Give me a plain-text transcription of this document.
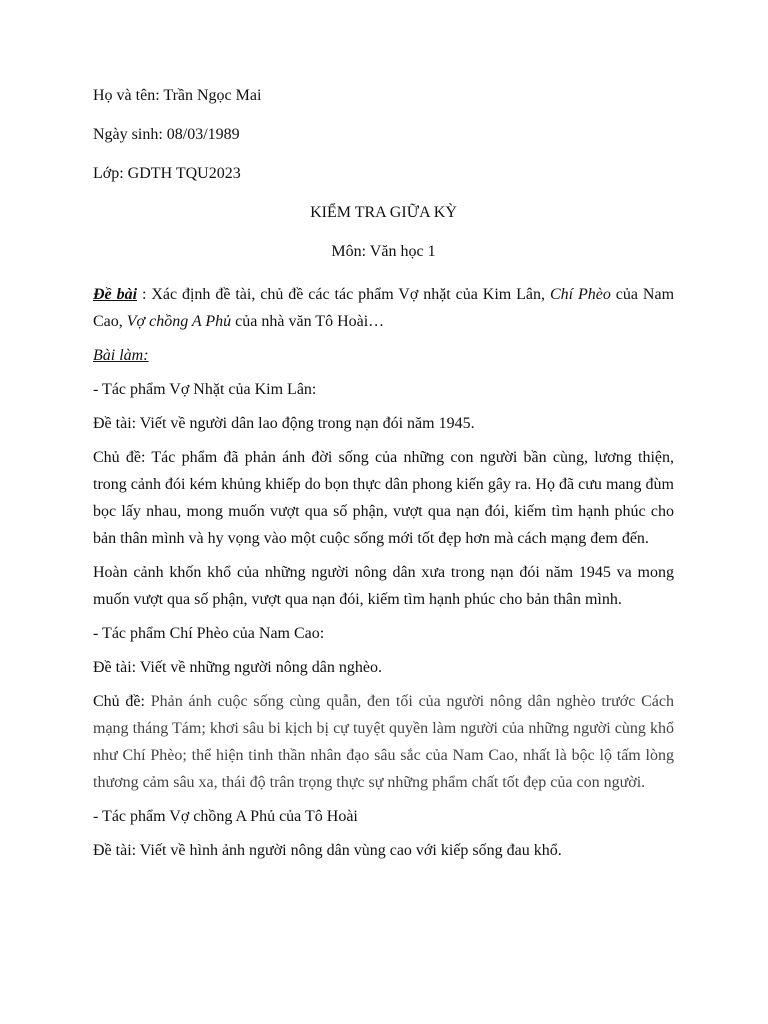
Họ và tên: Trần Ngọc Mai

Ngày sinh: 08/03/1989

Lớp: GDTH TQU2023

KIỂM TRA GIỮA KỲ

Môn: Văn học 1

Đề bài : Xác định đề tài, chủ đề các tác phẩm Vợ nhặt của Kim Lân, Chí Phèo của Nam Cao, Vợ chồng A Phủ của nhà văn Tô Hoài…

Bài làm:

- Tác phẩm Vợ Nhặt của Kim Lân:

Đề tài: Viết về người dân lao động trong nạn đói năm 1945.

Chủ đề: Tác phẩm đã phản ánh đời sống của những con người bần cùng, lương thiện, trong cảnh đói kém khủng khiếp do bọn thực dân phong kiến gây ra. Họ đã cưu mang đùm bọc lấy nhau, mong muốn vượt qua số phận, vượt qua nạn đói, kiếm tìm hạnh phúc cho bản thân mình và hy vọng vào một cuộc sống mới tốt đẹp hơn mà cách mạng đem đến.

Hoàn cảnh khốn khổ của những người nông dân xưa trong nạn đói năm 1945 va mong muốn vượt qua số phận, vượt qua nạn đói, kiếm tìm hạnh phúc cho bản thân mình.

- Tác phẩm Chí Phèo của Nam Cao:

Đề tài: Viết về những người nông dân nghèo.

Chủ đề: Phản ánh cuộc sống cùng quẫn, đen tối của người nông dân nghèo trước Cách mạng tháng Tám; khơi sâu bi kịch bị cự tuyệt quyền làm người của những người cùng khổ như Chí Phèo; thể hiện tinh thần nhân đạo sâu sắc của Nam Cao, nhất là bộc lộ tấm lòng thương cảm sâu xa, thái độ trân trọng thực sự những phẩm chất tốt đẹp của con người.

- Tác phẩm Vợ chồng A Phủ của Tô Hoài

Đề tài: Viết về hình ảnh người nông dân vùng cao với kiếp sống đau khổ.
